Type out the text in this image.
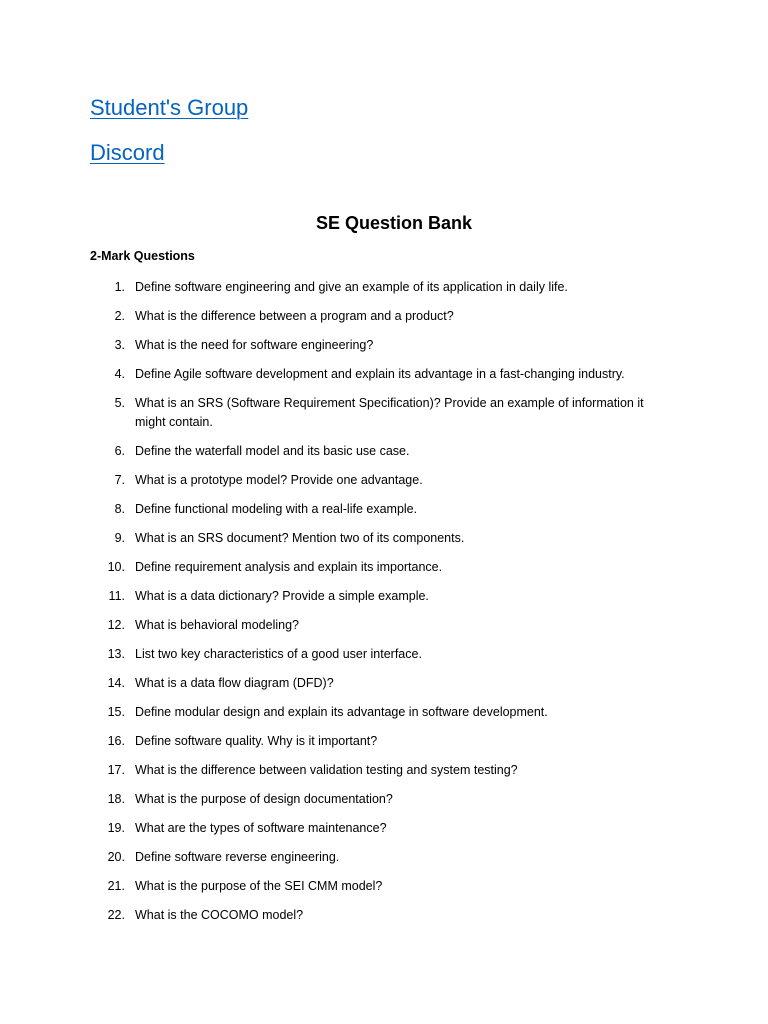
Student's Group
Discord
SE Question Bank
2-Mark Questions
1. Define software engineering and give an example of its application in daily life.
2. What is the difference between a program and a product?
3. What is the need for software engineering?
4. Define Agile software development and explain its advantage in a fast-changing industry.
5. What is an SRS (Software Requirement Specification)? Provide an example of information it might contain.
6. Define the waterfall model and its basic use case.
7. What is a prototype model? Provide one advantage.
8. Define functional modeling with a real-life example.
9. What is an SRS document? Mention two of its components.
10. Define requirement analysis and explain its importance.
11. What is a data dictionary? Provide a simple example.
12. What is behavioral modeling?
13. List two key characteristics of a good user interface.
14. What is a data flow diagram (DFD)?
15. Define modular design and explain its advantage in software development.
16. Define software quality. Why is it important?
17. What is the difference between validation testing and system testing?
18. What is the purpose of design documentation?
19. What are the types of software maintenance?
20. Define software reverse engineering.
21. What is the purpose of the SEI CMM model?
22. What is the COCOMO model?
